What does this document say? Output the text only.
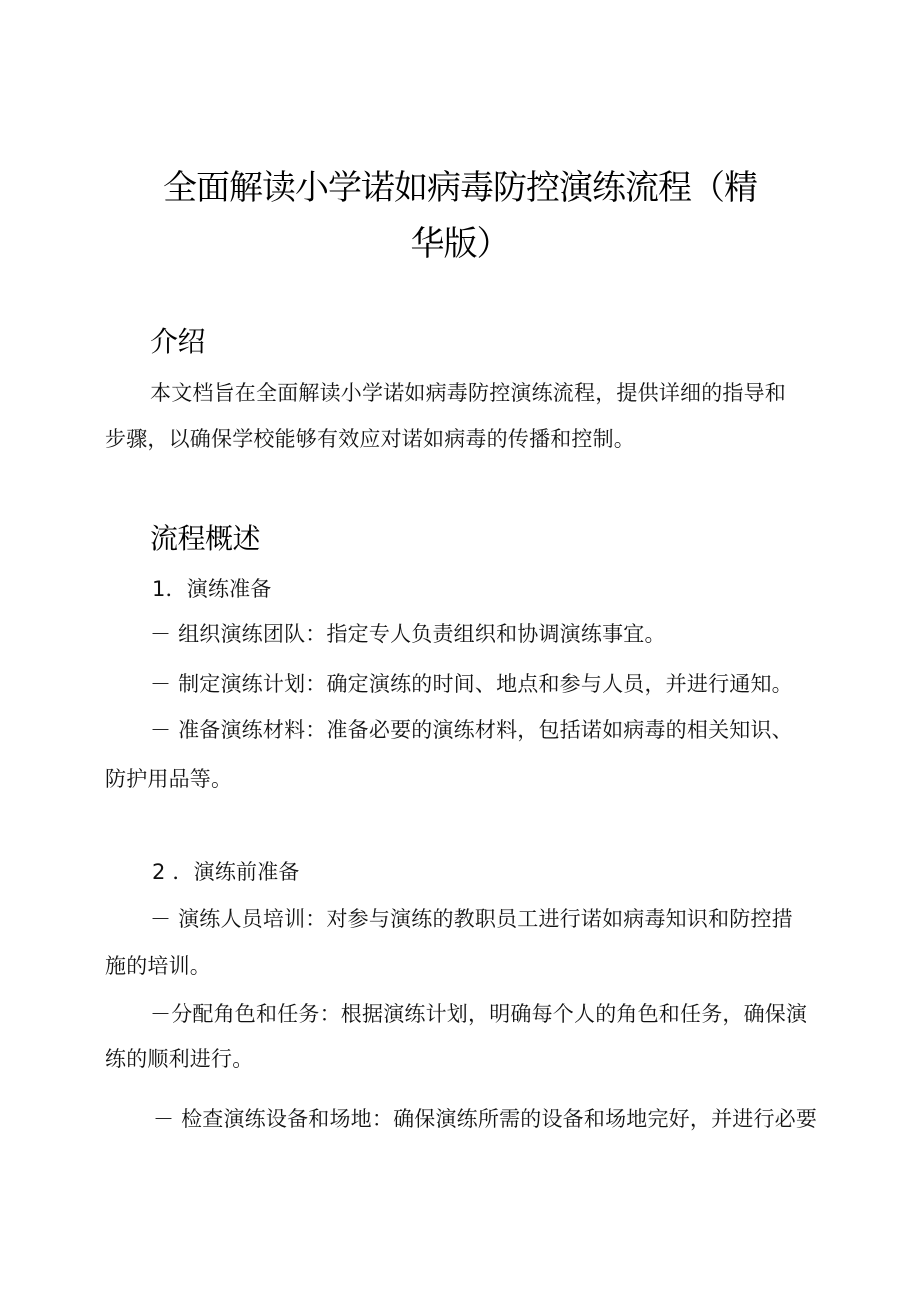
全面解读小学诺如病毒防控演练流程（精
华版）
介绍
本文档旨在全面解读小学诺如病毒防控演练流程，提供详细的指导和
步骤，以确保学校能够有效应对诺如病毒的传播和控制。
流程概述
1．演练准备
－ 组织演练团队：指定专人负责组织和协调演练事宜。
－ 制定演练计划：确定演练的时间、地点和参与人员，并进行通知。
－ 准备演练材料：准备必要的演练材料，包括诺如病毒的相关知识、
防护用品等。
2 ．演练前准备
－ 演练人员培训：对参与演练的教职员工进行诺如病毒知识和防控措
施的培训。
－分配角色和任务：根据演练计划，明确每个人的角色和任务，确保演
练的顺利进行。
－ 检查演练设备和场地：确保演练所需的设备和场地完好，并进行必要
